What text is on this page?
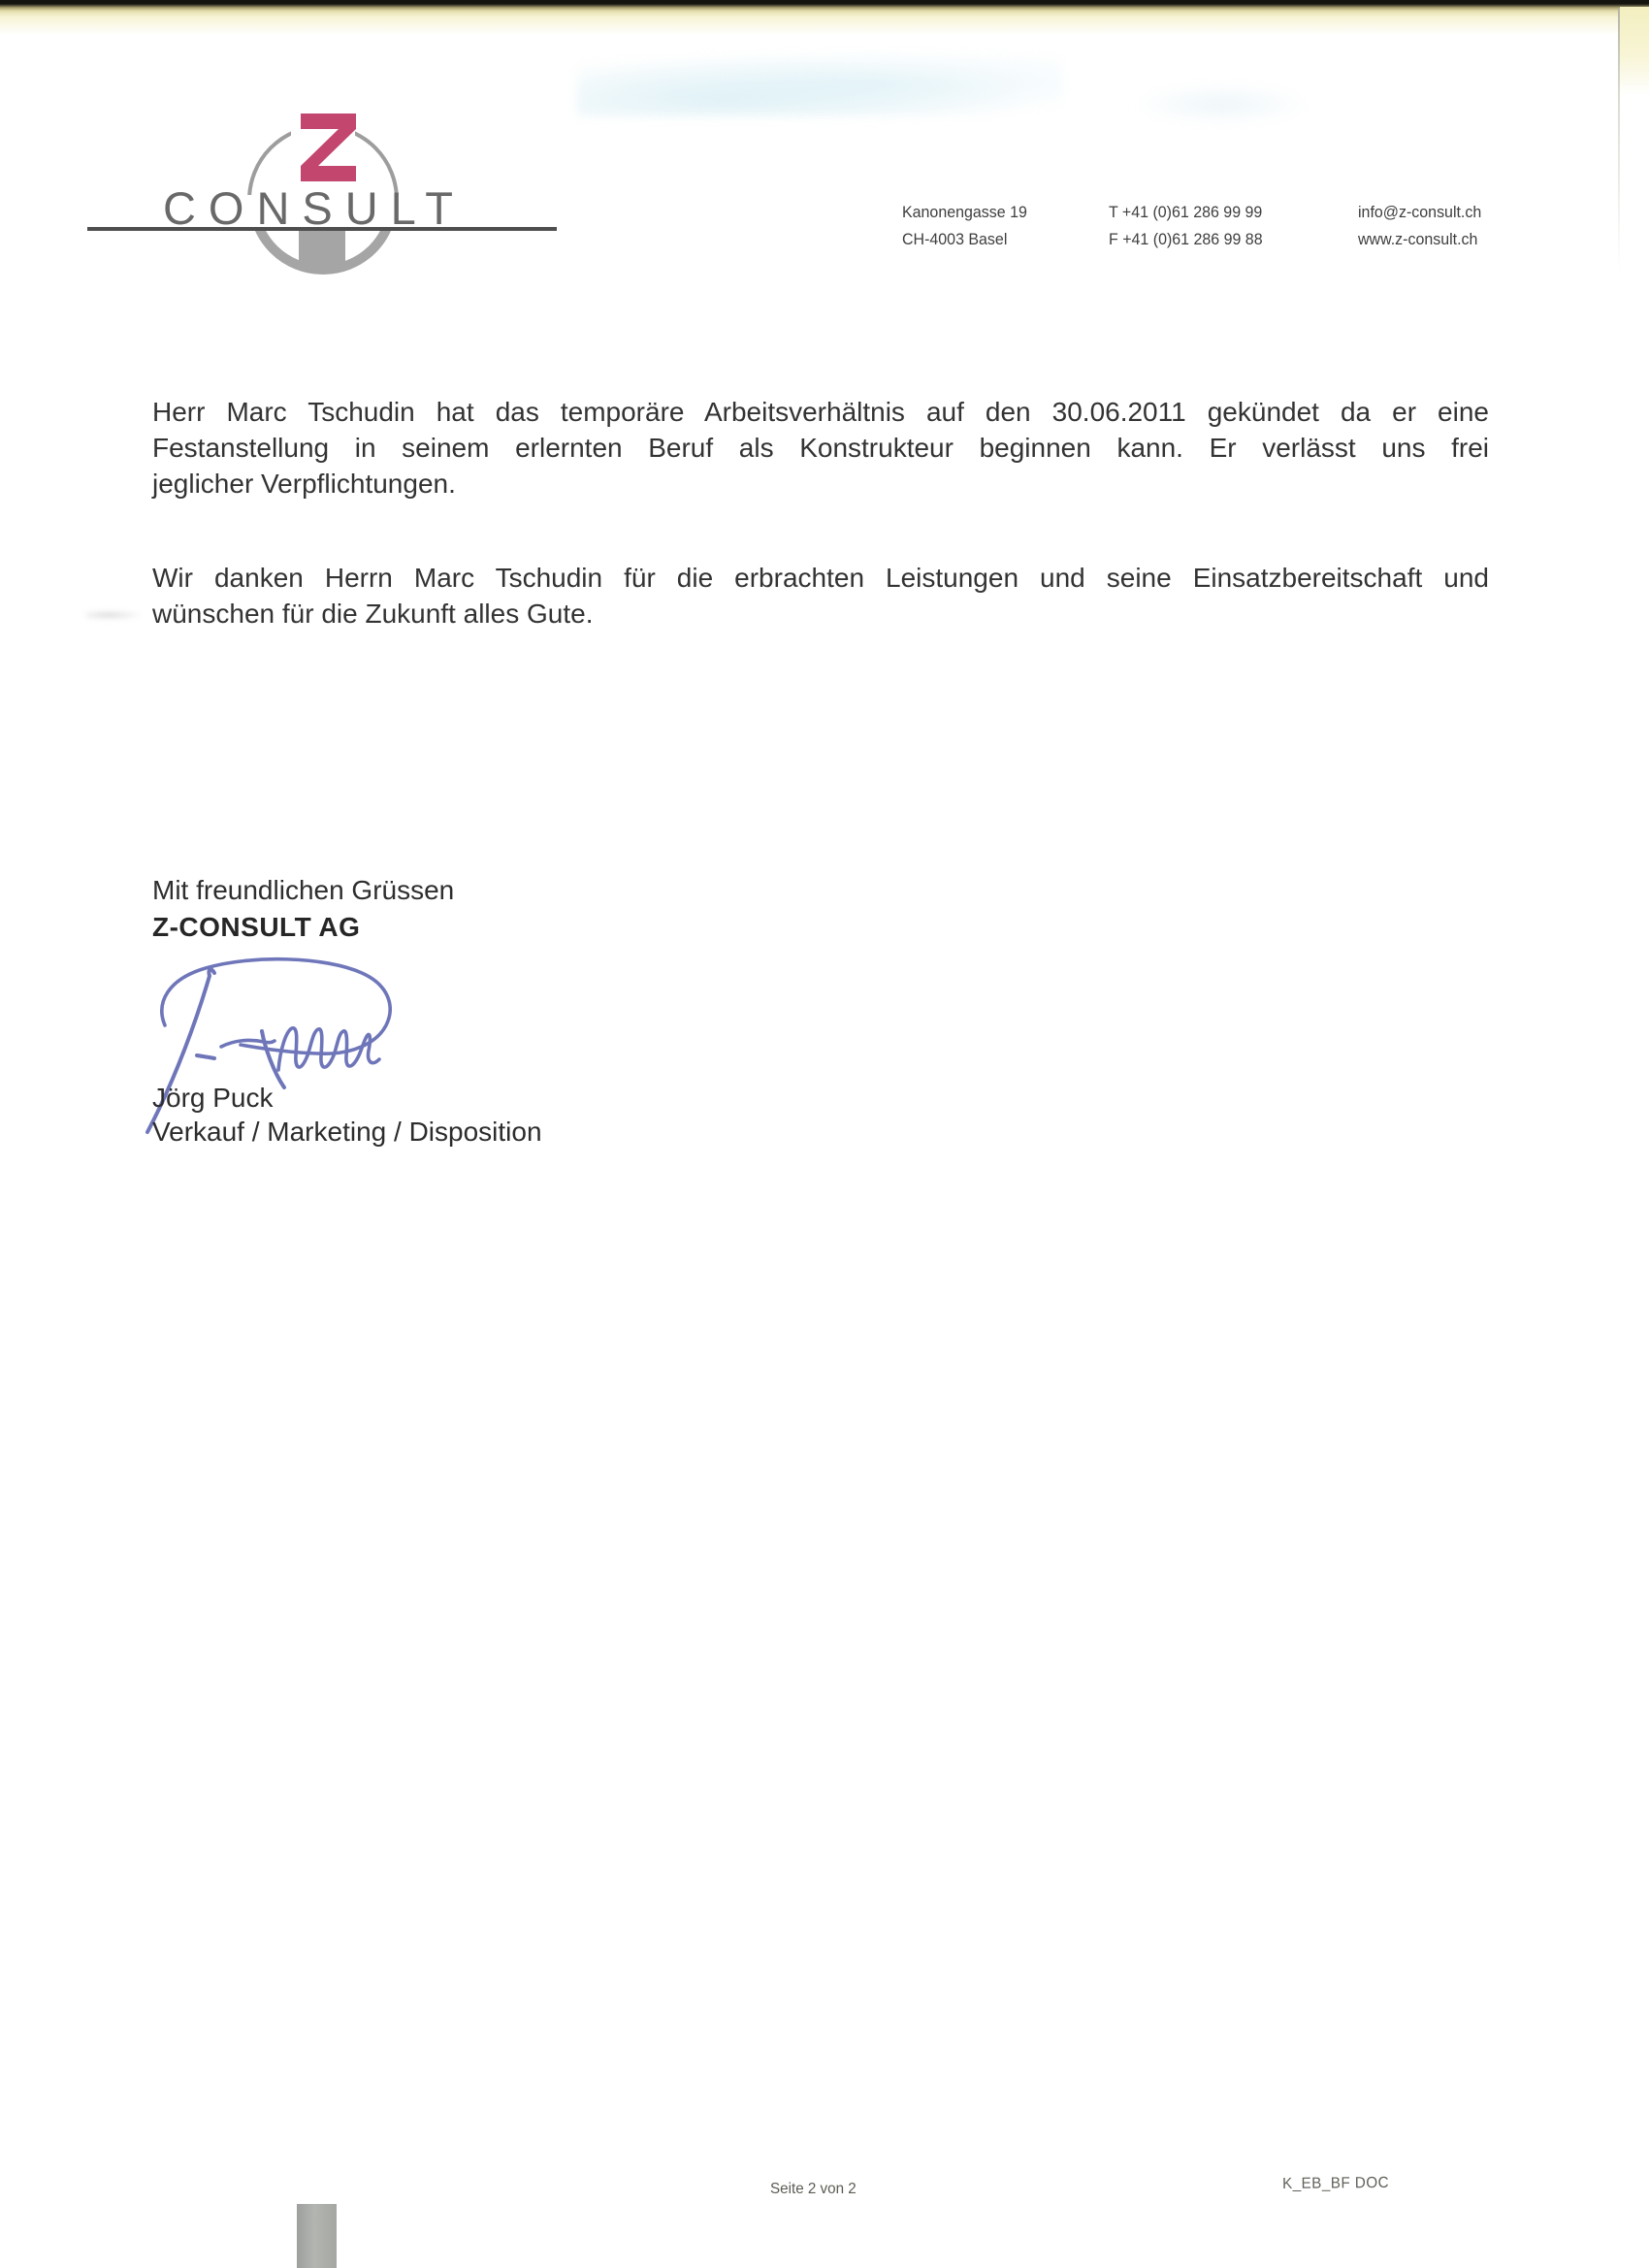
CONSULT	Kanonengasse 19
CH-4003 Basel
T +41 (0)61 286 99 99
F +41 (0)61 286 99 88
info@z-consult.ch
www.z-consult.ch
Herr Marc Tschudin hat das temporäre Arbeitsverhältnis auf den 30.06.2011 gekündet da er eine
Festanstellung in seinem erlernten Beruf als Konstrukteur beginnen kann. Er verlässt uns frei
jeglicher Verpflichtungen.
Wir danken Herrn Marc Tschudin für die erbrachten Leistungen und seine Einsatzbereitschaft und
wünschen für die Zukunft alles Gute.
Mit freundlichen Grüssen
Z-CONSULT AG
Jörg Puck
Verkauf / Marketing / Disposition
Seite 2 von 2	K_EB_BF DOC
